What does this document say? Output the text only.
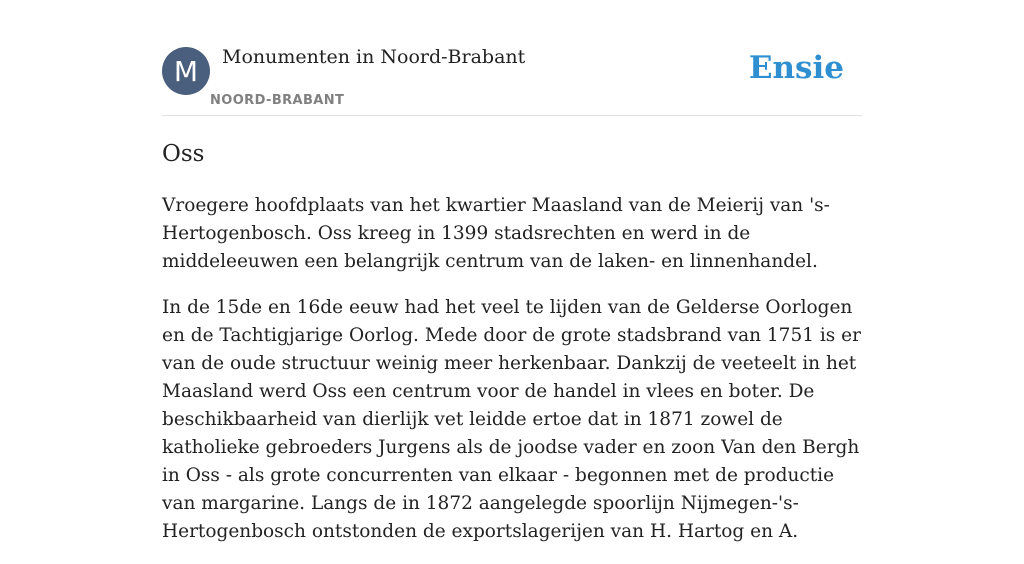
M	Monumenten in Noord-Brabant
NOORD-BRABANT
Ensie
Oss

Vroegere hoofdplaats van het kwartier Maasland van de Meierij van 's-Hertogenbosch. Oss kreeg in 1399 stadsrechten en werd in de middeleeuwen een belangrijk centrum van de laken- en linnenhandel.

In de 15de en 16de eeuw had het veel te lijden van de Gelderse Oorlogen en de Tachtigjarige Oorlog. Mede door de grote stadsbrand van 1751 is er van de oude structuur weinig meer herkenbaar. Dankzij de veeteelt in het Maasland werd Oss een centrum voor de handel in vlees en boter. De beschikbaarheid van dierlijk vet leidde ertoe dat in 1871 zowel de katholieke gebroeders Jurgens als de joodse vader en zoon Van den Bergh in Oss - als grote concurrenten van elkaar - begonnen met de productie van margarine. Langs de in 1872 aangelegde spoorlijn Nijmegen-'s-Hertogenbosch ontstonden de exportslagerijen van H. Hartog en A.
